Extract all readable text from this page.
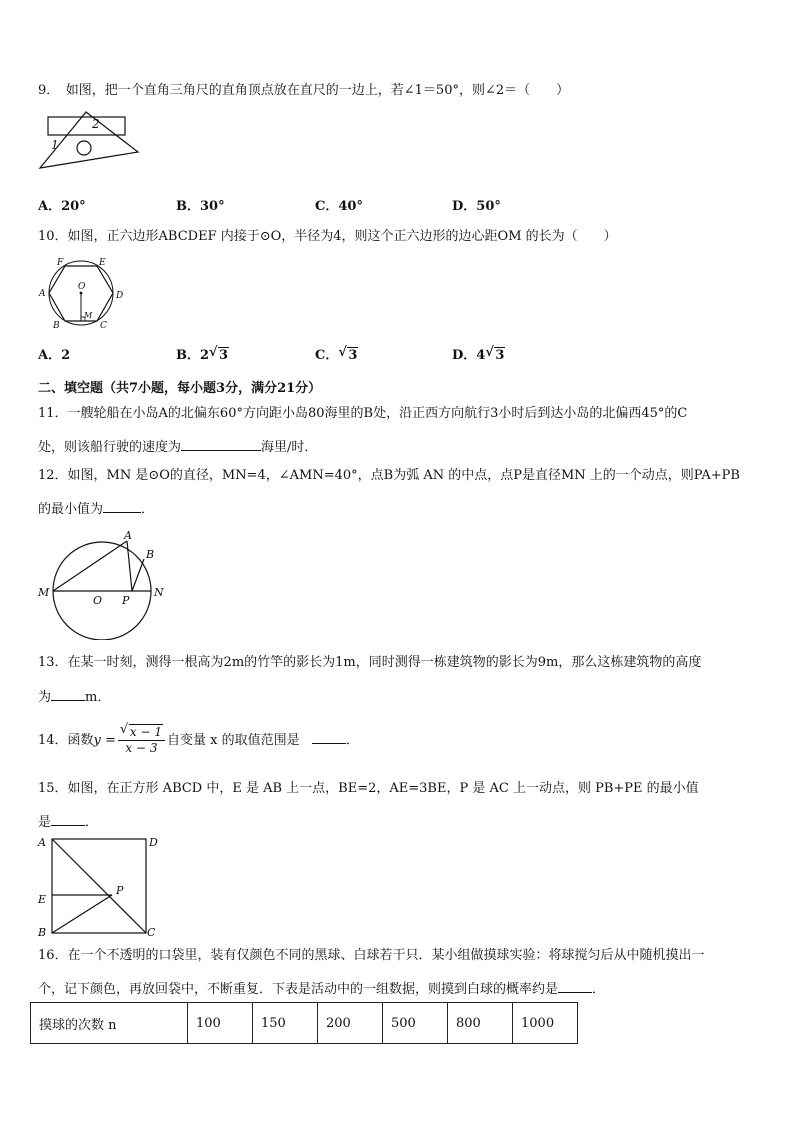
9．　如图，把一个直角三角尺的直角顶点放在直尺的一边上，若∠1＝50°，则∠2＝（　　）
2
1
A．20°	B．30°	C．40°	D．50°
10．如图，正六边形ABCDEF 内接于⊙O，半径为4，则这个正六边形的边心距OM 的长为（　　）
F	E
A
O
D
B
M
C
A．2	B．2 √ 3	C． √ 3	D．4 √ 3
二、填空题（共7小题，每小题3分，满分21分）
11．一艘轮船在小岛A的北偏东60°方向距小岛80海里的B处，沿正西方向航行3小时后到达小岛的北偏西45°的C
处，则该船行驶的速度为	海里/时．
12．如图，MN 是⊙O的直径，MN=4，∠AMN=40°，点B为弧 AN 的中点，点P是直径MN 上的一个动点，则PA+PB
的最小值为	．
A
B
M
O P
N
13．在某一时刻，测得一根高为2m的竹竿的影长为1m，同时测得一栋建筑物的影长为9m，那么这栋建筑物的高度
为	m．
14．函数$y = \frac{√ x - 1}{x - 3}$ 自变量 x 的取值范围是	．
15．如图，在正方形 ABCD 中，E 是 AB 上一点，BE=2，AE=3BE，P 是 AC 上一动点，则 PB+PE 的最小值
是	．
A	D
E
P
B	C
16．在一个不透明的口袋里，装有仅颜色不同的黑球、白球若干只．某小组做摸球实验：将球搅匀后从中随机摸出一
个，记下颜色，再放回袋中，不断重复．下表是活动中的一组数据，则摸到白球的概率约是	．
摸球的次数 n	100	150	200	500	800	1000
